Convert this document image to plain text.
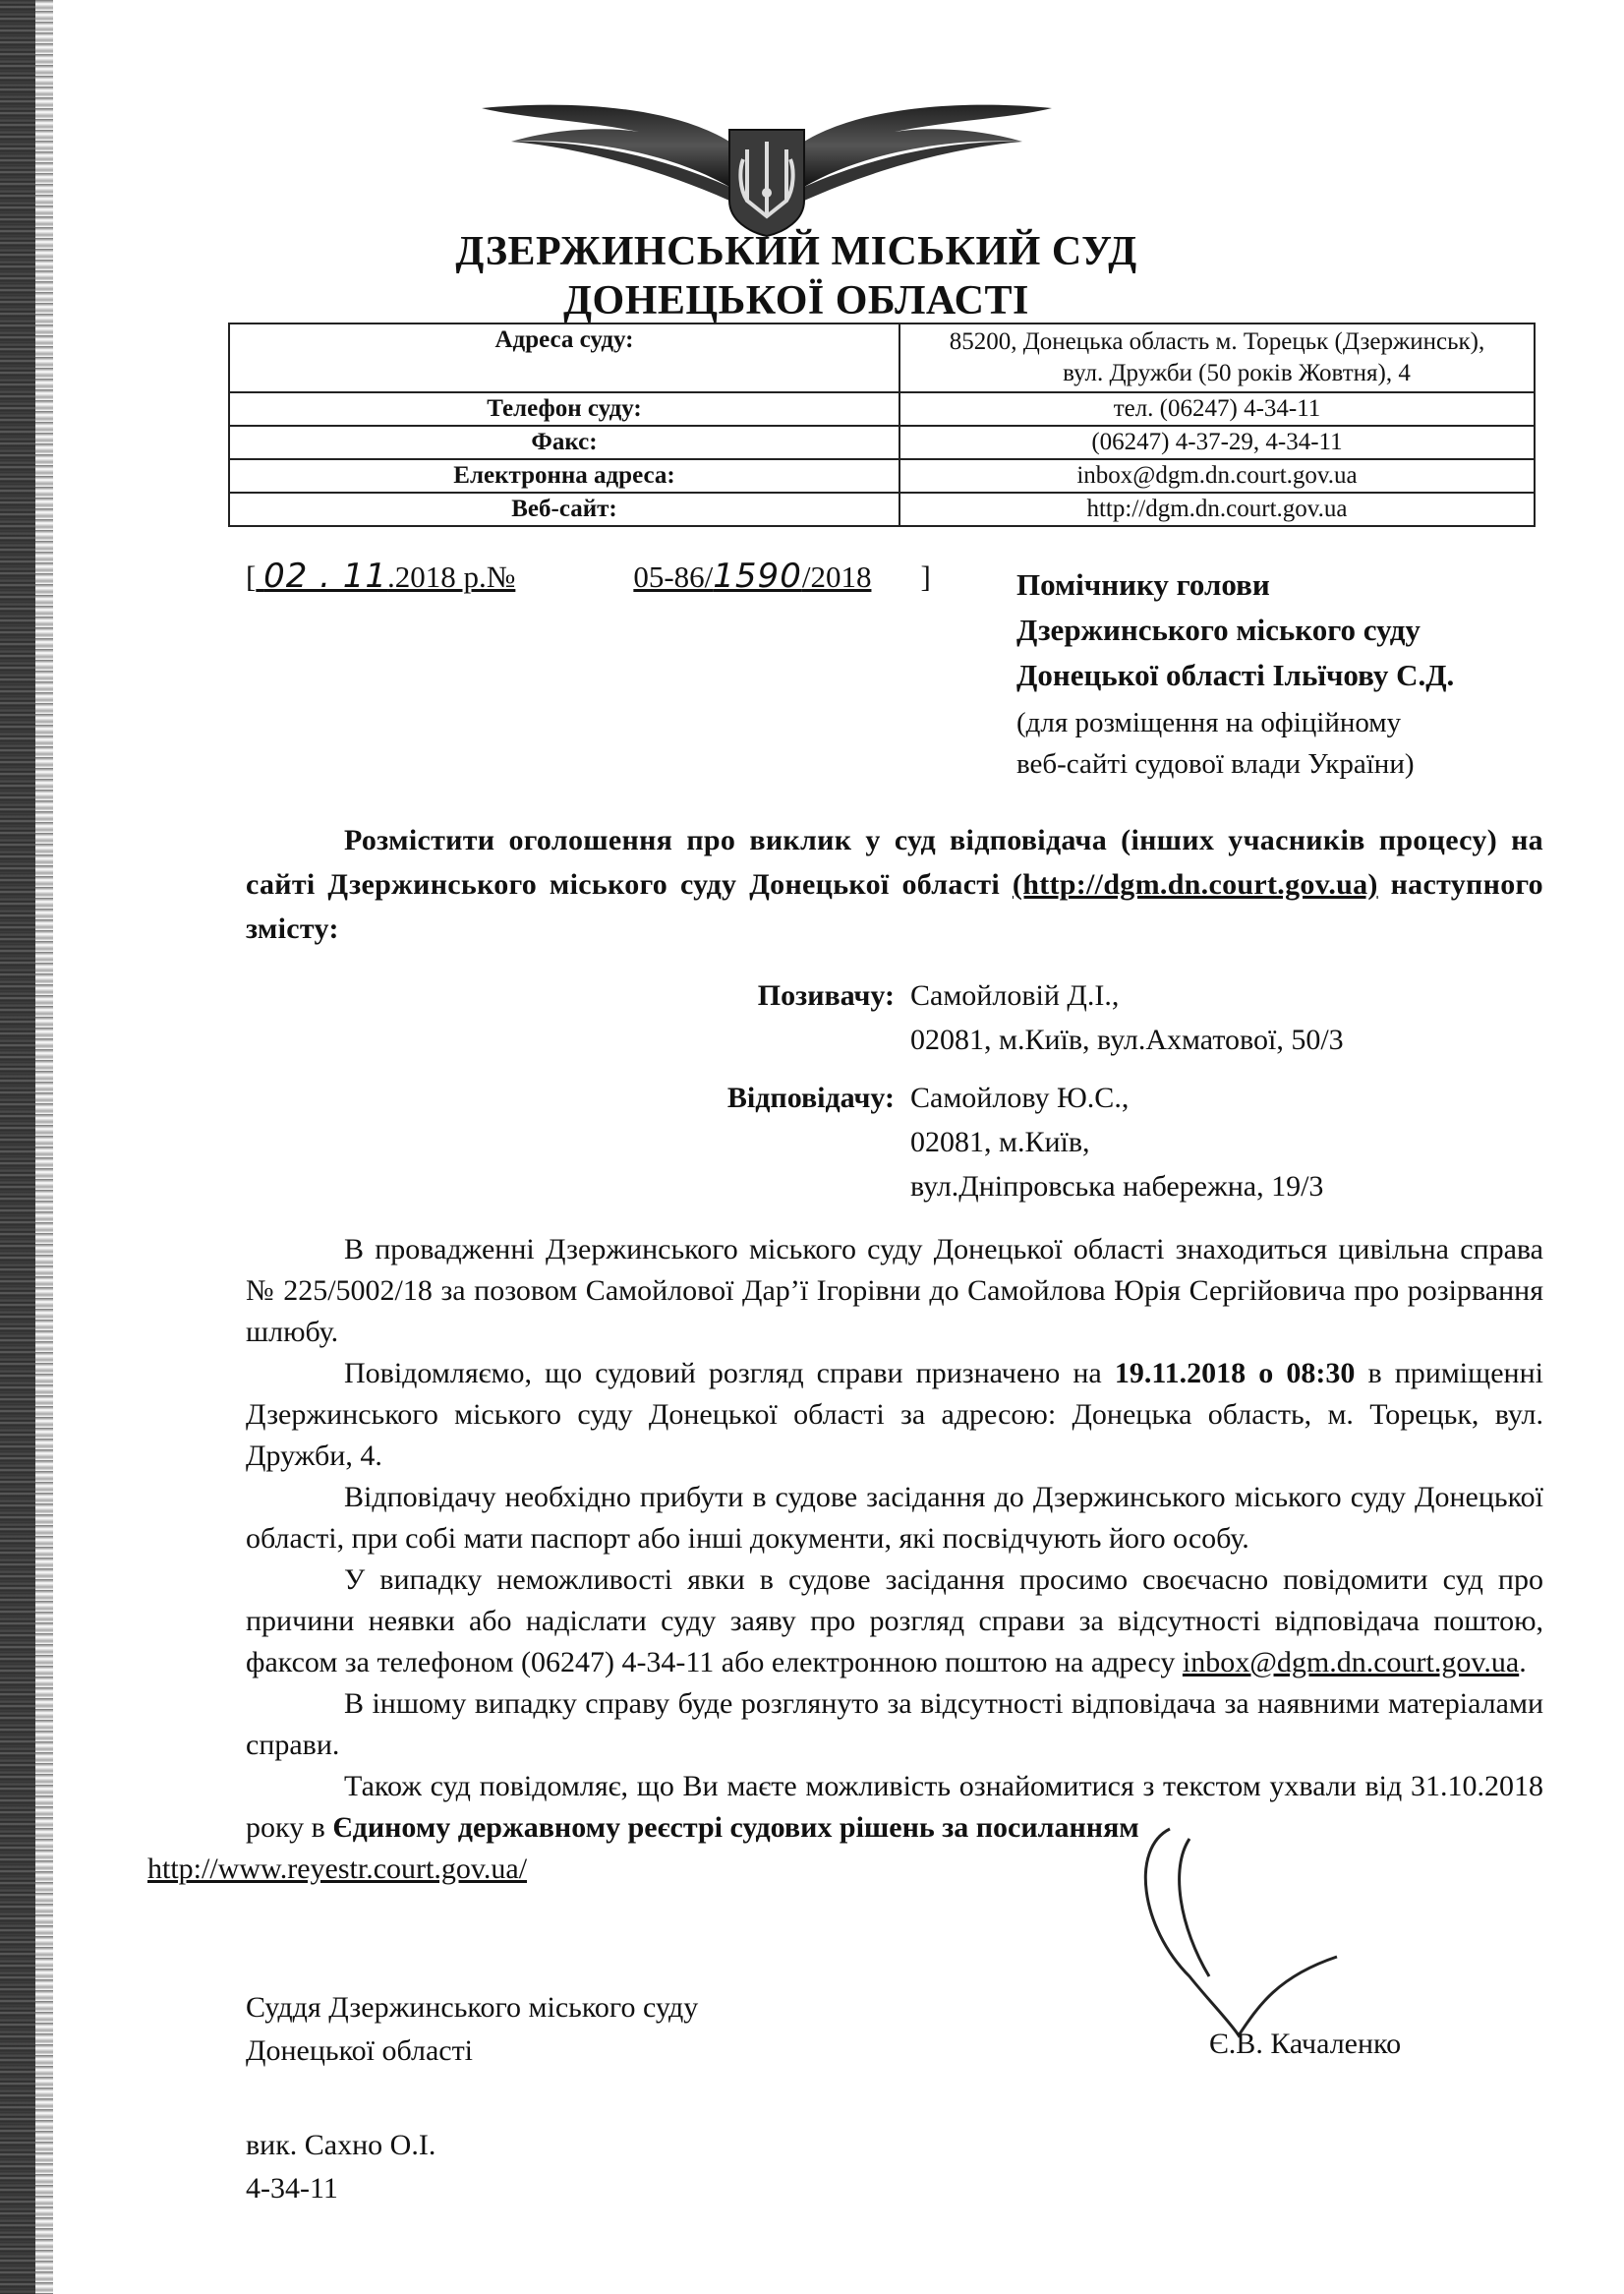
ДЗЕРЖИНСЬКИЙ МІСЬКИЙ СУД
ДОНЕЦЬКОЇ ОБЛАСТІ
Адреса суду:	85200, Донецька область м. Торецьк (Дзержинськ),
вул. Дружби (50 років Жовтня), 4

Телефон суду:	тел. (06247) 4-34-11
Факс:	(06247) 4-37-29, 4-34-11
Електронна адреса:	inbox@dgm.dn.court.gov.ua
Веб-сайт:	http://dgm.dn.court.gov.ua
[ 02 . 11.2018 р.№	05-86/1590/2018 ]	Помічнику голови
Дзержинського міського суду
Донецької області Ільїчову С.Д.
(для розміщення на офіційному
веб-сайті судової влади України)
Розмістити оголошення про виклик у суд відповідача (інших учасників процесу) на сайті Дзержинського міського суду Донецької області (http://dgm.dn.court.gov.ua) наступного змісту:
Позивачу: Самойловій Д.І.,
02081, м.Київ, вул.Ахматової, 50/3
Відповідачу: Самойлову Ю.С.,
02081, м.Київ,
вул.Дніпровська набережна, 19/3

В провадженні Дзержинського міського суду Донецької області знаходиться цивільна справа № 225/5002/18 за позовом Самойлової Дар’ї Ігорівни до Самойлова Юрія Сергійовича про розірвання шлюбу.

Повідомляємо, що судовий розгляд справи призначено на 19.11.2018 о 08:30 в приміщенні Дзержинського міського суду Донецької області за адресою: Донецька область, м. Торецьк, вул. Дружби, 4.

Відповідачу необхідно прибути в судове засідання до Дзержинського міського суду Донецької області, при собі мати паспорт або інші документи, які посвідчують його особу.

У випадку неможливості явки в судове засідання просимо своєчасно повідомити суд про причини неявки або надіслати суду заяву про розгляд справи за відсутності відповідача поштою, факсом за телефоном (06247) 4-34-11 або електронною поштою на адресу inbox@dgm.dn.court.gov.ua.

В іншому випадку справу буде розглянуто за відсутності відповідача за наявними матеріалами справи.

Також суд повідомляє, що Ви маєте можливість ознайомитися з текстом ухвали від 31.10.2018 року в Єдиному державному реєстрі судових рішень за посиланням
http://www.reyestr.court.gov.ua/

Суддя Дзержинського міського суду
Донецької області	Є.В. Качаленко
вик. Сахно О.І.
4-34-11
